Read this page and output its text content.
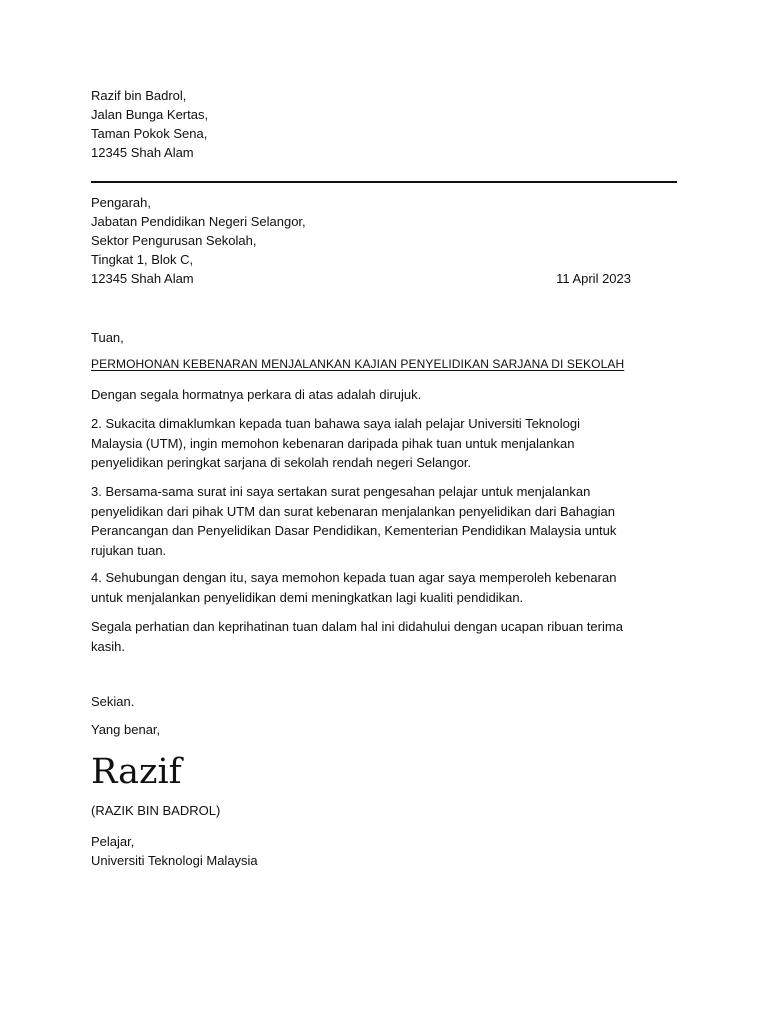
Razif bin Badrol,
Jalan Bunga Kertas,
Taman Pokok Sena,
12345 Shah Alam
Pengarah,
Jabatan Pendidikan Negeri Selangor,
Sektor Pengurusan Sekolah,
Tingkat 1, Blok C,
12345 Shah Alam	11 April 2023
Tuan,
PERMOHONAN KEBENARAN MENJALANKAN KAJIAN PENYELIDIKAN SARJANA DI SEKOLAH
Dengan segala hormatnya perkara di atas adalah dirujuk.
2. Sukacita dimaklumkan kepada tuan bahawa saya ialah pelajar Universiti Teknologi
Malaysia (UTM), ingin memohon kebenaran daripada pihak tuan untuk menjalankan
penyelidikan peringkat sarjana di sekolah rendah negeri Selangor.
3. Bersama-sama surat ini saya sertakan surat pengesahan pelajar untuk menjalankan
penyelidikan dari pihak UTM dan surat kebenaran menjalankan penyelidikan dari Bahagian
Perancangan dan Penyelidikan Dasar Pendidikan, Kementerian Pendidikan Malaysia untuk
rujukan tuan.
4. Sehubungan dengan itu, saya memohon kepada tuan agar saya memperoleh kebenaran
untuk menjalankan penyelidikan demi meningkatkan lagi kualiti pendidikan.
Segala perhatian dan keprihatinan tuan dalam hal ini didahului dengan ucapan ribuan terima
kasih.
Sekian.
Yang benar,
Razif
(RAZIK BIN BADROL)
Pelajar,
Universiti Teknologi Malaysia
